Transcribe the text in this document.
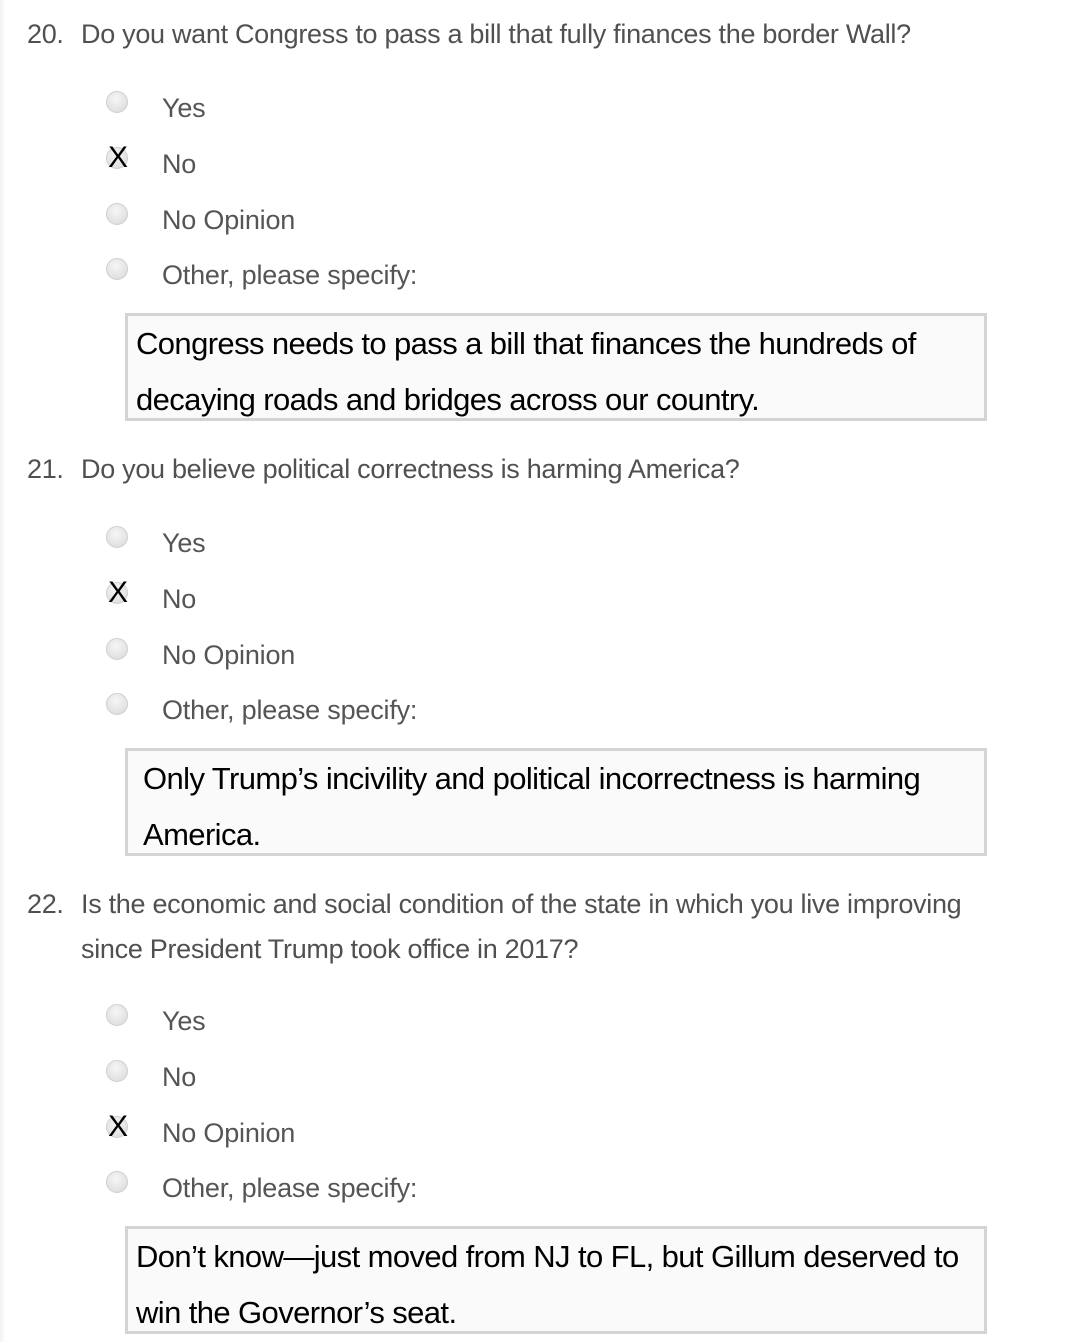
20. Do you want Congress to pass a bill that fully finances the border Wall?
Yes
X No
No Opinion
Other, please specify:
Congress needs to pass a bill that finances the hundreds of decaying roads and bridges across our country.
21. Do you believe political correctness is harming America?
Yes
X No
No Opinion
Other, please specify:
Only Trump’s incivility and political incorrectness is harming America.
22. Is the economic and social condition of the state in which you live improving
since President Trump took office in 2017?
Yes
No
X No Opinion
Other, please specify:
Don’t know—just moved from NJ to FL, but Gillum deserved to win the Governor’s seat.
